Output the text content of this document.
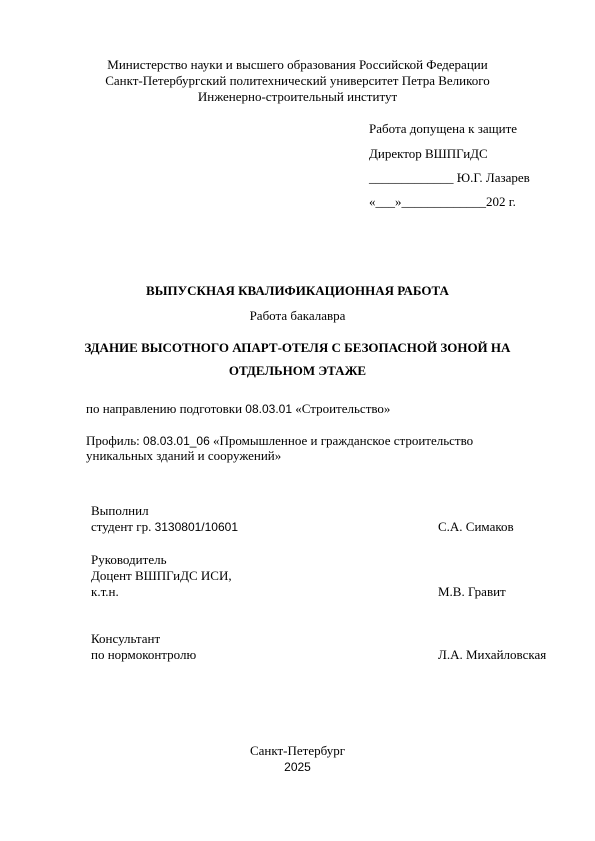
Министерство науки и высшего образования Российской Федерации
Санкт-Петербургский политехнический университет Петра Великого
Инженерно-строительный институт
Работа допущена к защите
Директор ВШПГиДС
_____________ Ю.Г. Лазарев
«___»_____________202 г.
ВЫПУСКНАЯ КВАЛИФИКАЦИОННАЯ РАБОТА
Работа бакалавра
ЗДАНИЕ ВЫСОТНОГО АПАРТ-ОТЕЛЯ С БЕЗОПАСНОЙ ЗОНОЙ НА
ОТДЕЛЬНОМ ЭТАЖЕ
по направлению подготовки 08.03.01 «Строительство»
Профиль: 08.03.01_06 «Промышленное и гражданское строительство
уникальных зданий и сооружений»
Выполнил
студент гр. 3130801/10601	С.А. Симаков
Руководитель
Доцент ВШПГиДС ИСИ,
к.т.н.	М.В. Гравит
Консультант
по нормоконтролю	Л.А. Михайловская
Санкт-Петербург
2025
